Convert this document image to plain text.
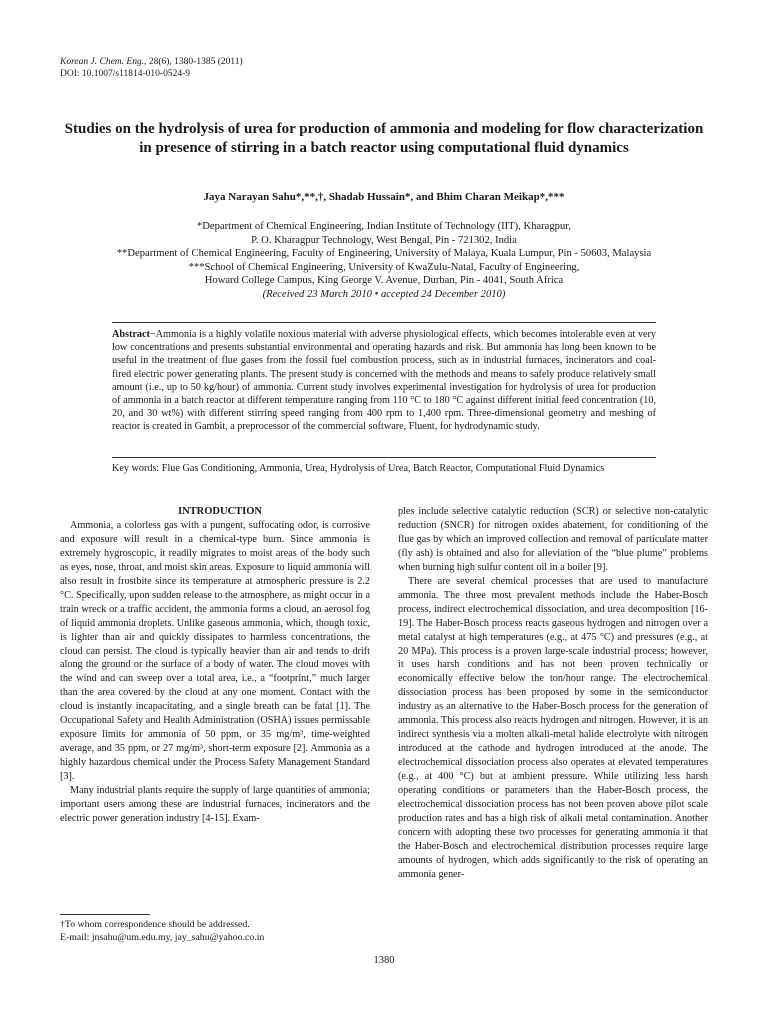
Korean J. Chem. Eng., 28(6), 1380-1385 (2011)
DOI: 10.1007/s11814-010-0524-9
Studies on the hydrolysis of urea for production of ammonia and modeling for flow characterization in presence of stirring in a batch reactor using computational fluid dynamics
Jaya Narayan Sahu*,**,†, Shadab Hussain*, and Bhim Charan Meikap*,***
*Department of Chemical Engineering, Indian Institute of Technology (IIT), Kharagpur,
P. O. Kharagpur Technology, West Bengal, Pin - 721302, India
**Department of Chemical Engineering, Faculty of Engineering, University of Malaya, Kuala Lumpur, Pin - 50603, Malaysia
***School of Chemical Engineering, University of KwaZulu-Natal, Faculty of Engineering,
Howard College Campus, King George V. Avenue, Durban, Pin - 4041, South Africa
(Received 23 March 2010 • accepted 24 December 2010)
Abstract−Ammonia is a highly volatile noxious material with adverse physiological effects, which becomes intolerable even at very low concentrations and presents substantial environmental and operating hazards and risk. But ammonia has long been known to be useful in the treatment of flue gases from the fossil fuel combustion process, such as in industrial furnaces, incinerators and coal-fired electric power generating plants. The present study is concerned with the methods and means to safely produce relatively small amount (i.e., up to 50 kg/hour) of ammonia. Current study involves experimental investigation for hydrolysis of urea for production of ammonia in a batch reactor at different temperature ranging from 110 °C to 180 °C against different initial feed concentration (10, 20, and 30 wt%) with different stirring speed ranging from 400 rpm to 1,400 rpm. Three-dimensional geometry and meshing of reactor is created in Gambit, a preprocessor of the commercial software, Fluent, for hydrodynamic study.
Key words: Flue Gas Conditioning, Ammonia, Urea, Hydrolysis of Urea, Batch Reactor, Computational Fluid Dynamics

INTRODUCTION

Ammonia, a colorless gas with a pungent, suffocating odor, is corrosive and exposure will result in a chemical-type burn. Since ammonia is extremely hygroscopic, it readily migrates to moist areas of the body such as eyes, nose, throat, and moist skin areas. Exposure to liquid ammonia will also result in frostbite since its temperature at atmospheric pressure is 2.2 °C. Specifically, upon sudden release to the atmosphere, as might occur in a train wreck or a traffic accident, the ammonia forms a cloud, an aerosol fog of liquid ammonia droplets. Unlike gaseous ammonia, which, though toxic, is lighter than air and quickly dissipates to harmless concentrations, the cloud can persist. The cloud is typically heavier than air and tends to drift along the ground or the surface of a body of water. The cloud moves with the wind and can sweep over a total area, i.e., a “footprint,” much larger than the area covered by the cloud at any one moment. Contact with the cloud is instantly incapacitating, and a single breath can be fatal [1]. The Occupational Safety and Health Administration (OSHA) issues permissable exposure limits for ammonia of 50 ppm, or 35 mg/m³, time-weighted average, and 35 ppm, or 27 mg/m³, short-term exposure [2]. Ammonia as a highly hazardous chemical under the Process Safety Management Standard [3].

Many industrial plants require the supply of large quantities of ammonia; important users among these are industrial furnaces, incinerators and the electric power generation industry [4-15]. Exam-

ples include selective catalytic reduction (SCR) or selective non-catalytic reduction (SNCR) for nitrogen oxides abatement, for conditioning of the flue gas by which an improved collection and removal of particulate matter (fly ash) is obtained and also for alleviation of the “blue plume” problems when burning high sulfur content oil in a boiler [9].

There are several chemical processes that are used to manufacture ammonia. The three most prevalent methods include the Haber-Bosch process, indirect electrochemical dissociation, and urea decomposition [16-19]. The Haber-Bosch process reacts gaseous hydrogen and nitrogen over a metal catalyst at high temperatures (e.g., at 475 °C) and pressures (e.g., at 20 MPa). This process is a proven large-scale industrial process; however, it uses harsh conditions and has not been proven technically or economically effective below the ton/hour range. The electrochemical dissociation process has been proposed by some in the semiconductor industry as an alternative to the Haber-Bosch process for the generation of ammonia. This process also reacts hydrogen and nitrogen. However, it is an indirect synthesis via a molten alkali-metal halide electrolyte with nitrogen introduced at the cathode and hydrogen introduced at the anode. The electrochemical dissociation process also operates at elevated temperatures (e.g., at 400 °C) but at ambient pressure. While utilizing less harsh operating conditions or parameters than the Haber-Bosch process, the electrochemical dissociation process has not been proven above pilot scale production rates and has a high risk of alkali metal contamination. Another concern with adopting these two processes for generating ammonia it that the Haber-Bosch and electrochemical distribution processes require large amounts of hydrogen, which adds significantly to the risk of operating an ammonia gener-

†To whom correspondence should be addressed.
E-mail: jnsahu@um.edu.my, jay_sahu@yahoo.co.in
1380
